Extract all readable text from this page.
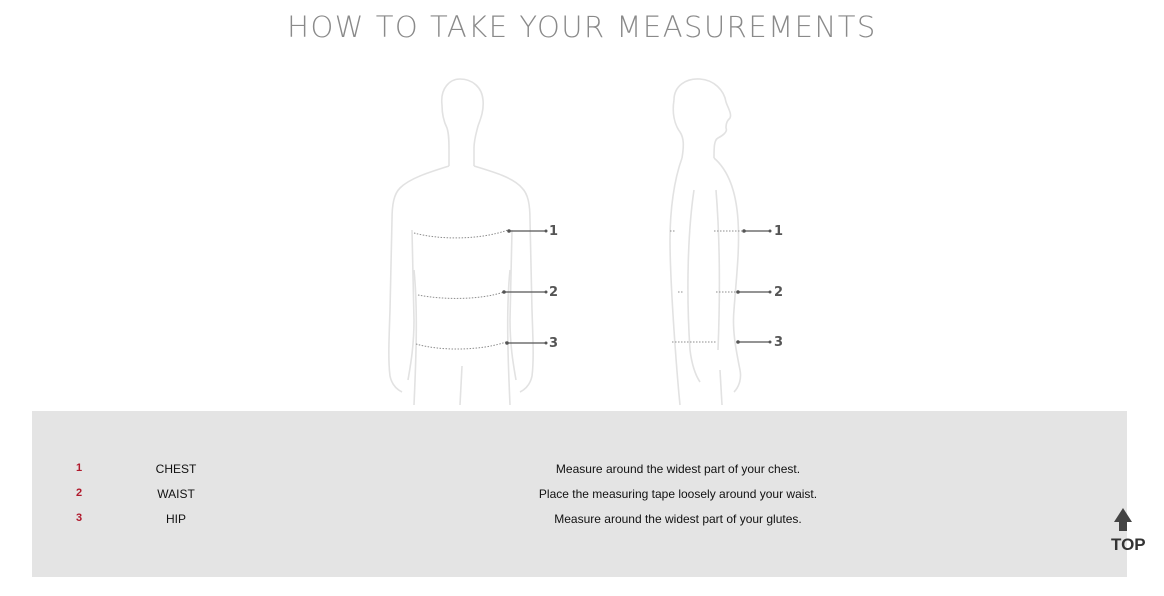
HOW TO TAKE YOUR MEASUREMENTS
1
2
3
1
2
3
1	CHEST	Measure around the widest part of your chest.
2	WAIST	Place the measuring tape loosely around your waist.
3	HIP	Measure around the widest part of your glutes.
TOP
